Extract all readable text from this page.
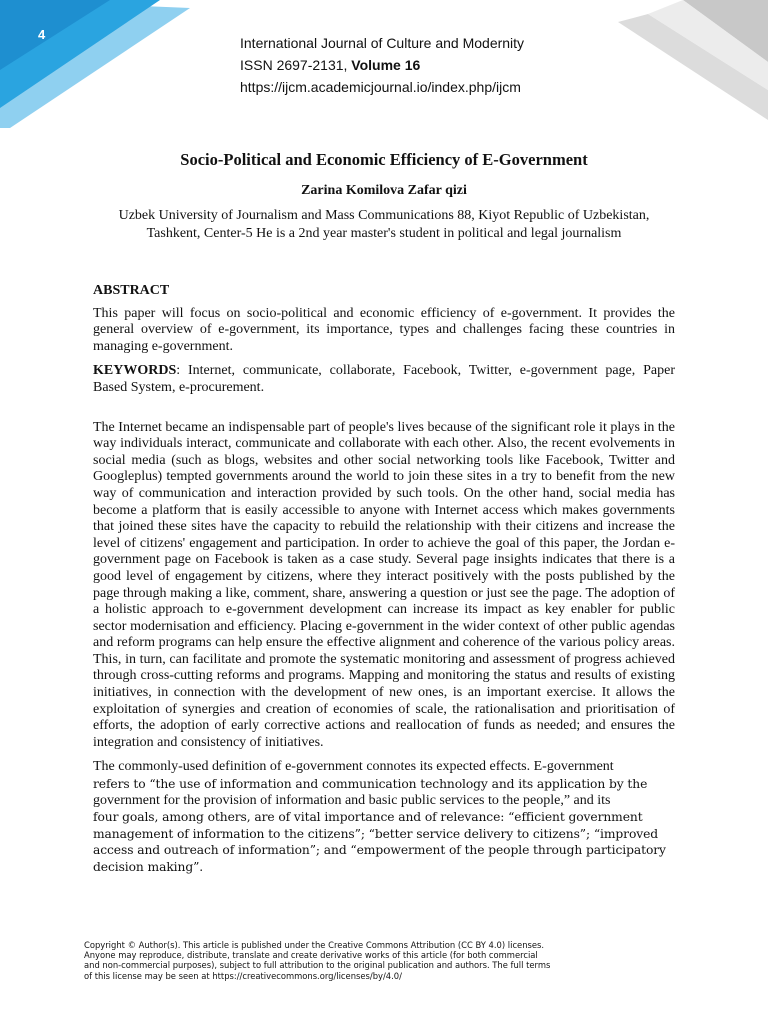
4
International Journal of Culture and Modernity
ISSN 2697-2131, Volume 16
https://ijcm.academicjournal.io/index.php/ijcm
Socio-Political and Economic Efficiency of E-Government
Zarina Komilova Zafar qizi
Uzbek University of Journalism and Mass Communications 88, Kiyot Republic of Uzbekistan, Tashkent, Center-5 He is a 2nd year master's student in political and legal journalism
ABSTRACT

This paper will focus on socio-political and economic efficiency of e-government. It provides the general overview of e-government, its importance, types and challenges facing these countries in managing e-government.

KEYWORDS: Internet, communicate, collaborate, Facebook, Twitter, e-government page, Paper Based System, e-procurement.

The Internet became an indispensable part of people's lives because of the significant role it plays in the way individuals interact, communicate and collaborate with each other. Also, the recent evolvements in social media (such as blogs, websites and other social networking tools like Facebook, Twitter and Googleplus) tempted governments around the world to join these sites in a try to benefit from the new way of communication and interaction provided by such tools. On the other hand, social media has become a platform that is easily accessible to anyone with Internet access which makes governments that joined these sites have the capacity to rebuild the relationship with their citizens and increase the level of citizens' engagement and participation. In order to achieve the goal of this paper, the Jordan e-government page on Facebook is taken as a case study. Several page insights indicates that there is a good level of engagement by citizens, where they interact positively with the posts published by the page through making a like, comment, share, answering a question or just see the page. The adoption of a holistic approach to e-government development can increase its impact as key enabler for public sector modernisation and efficiency. Placing e-government in the wider context of other public agendas and reform programs can help ensure the effective alignment and coherence of the various policy areas. This, in turn, can facilitate and promote the systematic monitoring and assessment of progress achieved through cross-cutting reforms and programs. Mapping and monitoring the status and results of existing initiatives, in connection with the development of new ones, is an important exercise. It allows the exploitation of synergies and creation of economies of scale, the rationalisation and prioritisation of efforts, the adoption of early corrective actions and reallocation of funds as needed; and ensures the integration and consistency of initiatives.

The commonly-used definition of e-government connotes its expected effects. E-government
refers to “the use of information and communication technology and its application by the
government for the provision of information and basic public services to the people,” and its
four goals, among others, are of vital importance and of relevance: “efficient government
management of information to the citizens”; “better service delivery to citizens”; “improved
access and outreach of information”; and “empowerment of the people through participatory
decision making”.

Copyright © Author(s). This article is published under the Creative Commons Attribution (CC BY 4.0) licenses.
Anyone may reproduce, distribute, translate and create derivative works of this article (for both commercial
and non-commercial purposes), subject to full attribution to the original publication and authors. The full terms
of this license may be seen at https://creativecommons.org/licenses/by/4.0/
